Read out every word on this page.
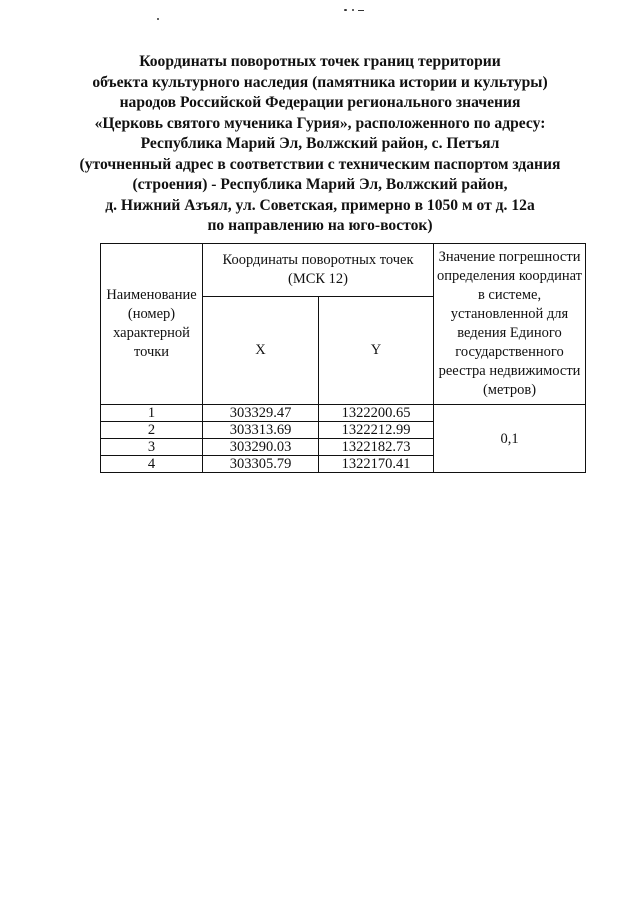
Координаты поворотных точек границ территории
объекта культурного наследия (памятника истории и культуры)
народов Российской Федерации регионального значения
«Церковь святого мученика Гурия», расположенного по адресу:
Республика Марий Эл, Волжский район, с. Петъял
(уточненный адрес в соответствии с техническим паспортом здания
(строения) - Республика Марий Эл, Волжский район,
д. Нижний Азъял, ул. Советская, примерно в 1050 м от д. 12а
по направлению на юго-восток)
Наименование (номер) характерной точки	Координаты поворотных точек (МСК 12)		Значение погрешности определения координат в системе, установленной для ведения Единого государственного реестра недвижимости (метров)
	X	Y	
1	303329.47	1322200.65	0,1
2	303313.69	1322212.99	
3	303290.03	1322182.73	
4	303305.79	1322170.41	
